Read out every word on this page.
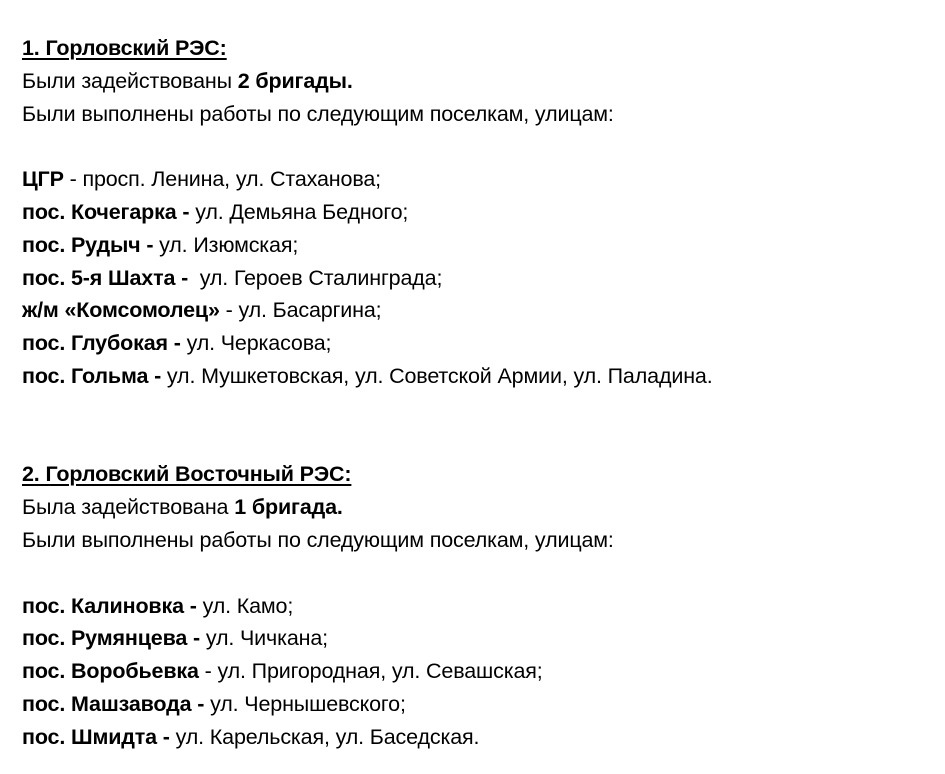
1. Горловский РЭС:
Были задействованы 2 бригады.
Были выполнены работы по следующим поселкам, улицам:
ЦГР - просп. Ленина, ул. Стаханова;
пос. Кочегарка - ул. Демьяна Бедного;
пос. Рудыч - ул. Изюмская;
пос. 5-я Шахта -  ул. Героев Сталинграда;
ж/м «Комсомолец» - ул. Басаргина;
пос. Глубокая - ул. Черкасова;
пос. Гольма - ул. Мушкетовская, ул. Советской Армии, ул. Паладина.
2. Горловский Восточный РЭС:
Была задействована 1 бригада.
Были выполнены работы по следующим поселкам, улицам:
пос. Калиновка - ул. Камо;
пос. Румянцева - ул. Чичкана;
пос. Воробьевка - ул. Пригородная, ул. Севашская;
пос. Машзавода - ул. Чернышевского;
пос. Шмидта - ул. Карельская, ул. Баседская.
